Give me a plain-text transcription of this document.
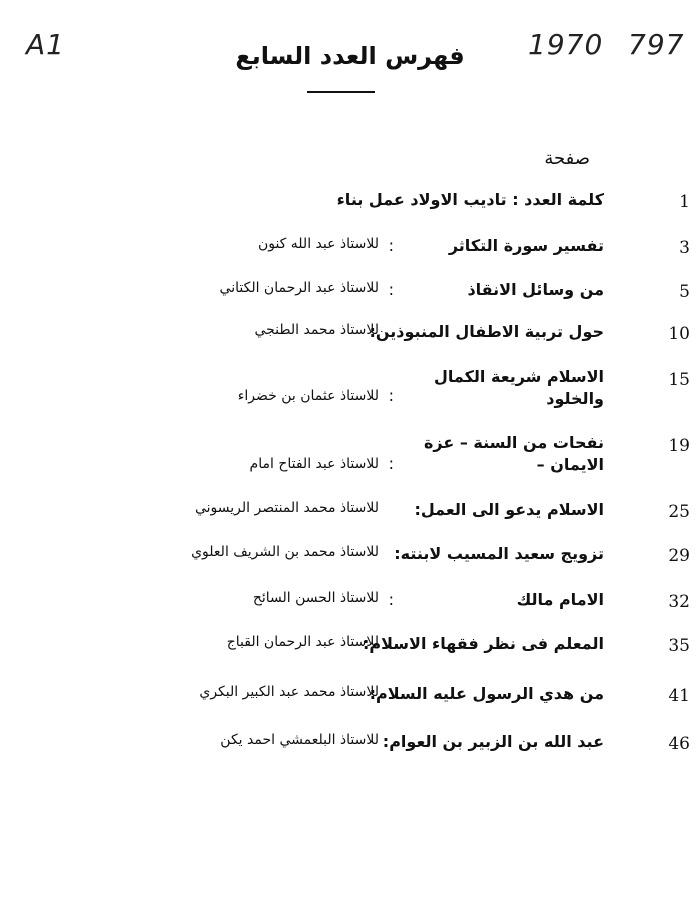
A1	1970 797
فهرس العدد السابع
صفحة
1
كلمة العدد : تاديب الاولاد عمل بناء
3
تفسير سورة التكاثر
:
للاستاذ عبد الله كنون
5
من وسائل الانقاذ
:
للاستاذ عبد الرحمان الكتاني
10
حول تربية الاطفال المنبوذين:
للاستاذ محمد الطنجي
15
الاسلام شريعة الكمال
والخلود
:
للاستاذ عثمان بن خضراء
19
نفحات من السنة – عزة
الايمان –
:
للاستاذ عبد الفتاح امام
25
الاسلام يدعو الى العمل:
للاستاذ محمد المنتصر الريسوني
29
تزويج سعيد المسيب لابنته:
للاستاذ محمد بن الشريف العلوي
32
الامام مالك
:
للاستاذ الحسن السائح
35
المعلم فى نظر فقهاء الاسلام:
للاستاذ عبد الرحمان القباج
41
من هدي الرسول عليه السلام:
للاستاذ محمد عبد الكبير البكري
46
عبد الله بن الزبير بن العوام:
للاستاذ البلعمشي احمد يكن
